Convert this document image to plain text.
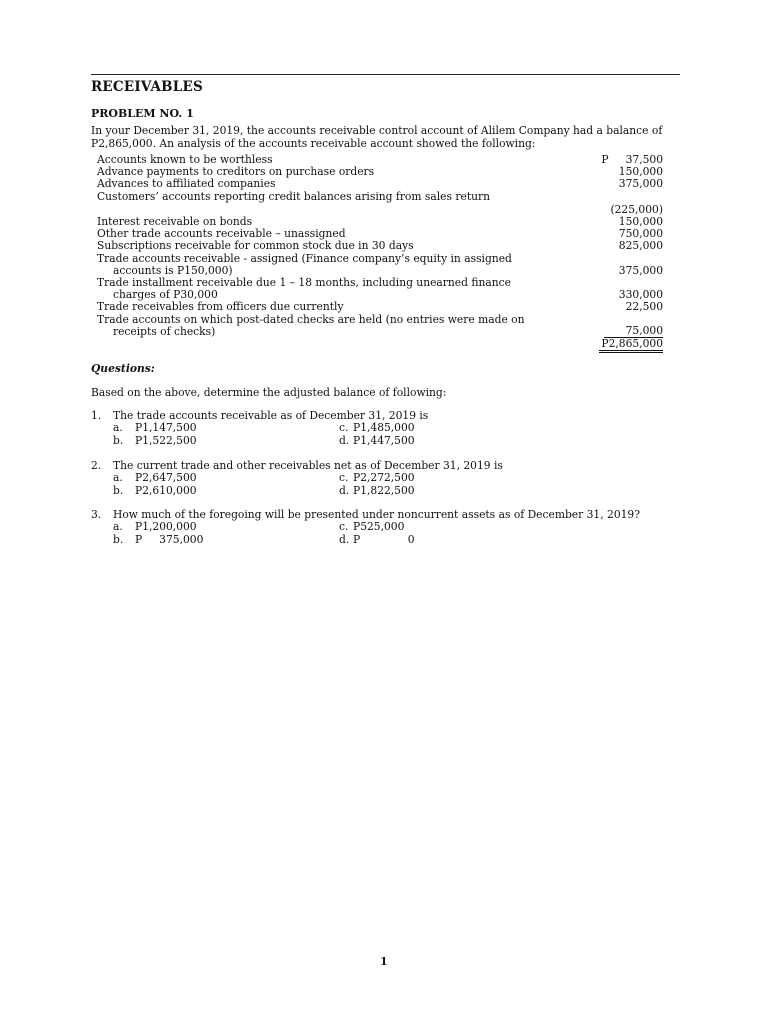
RECEIVABLES
PROBLEM NO. 1
In your December 31, 2019, the accounts receivable control account of Alilem Company had a balance of P2,865,000. An analysis of the accounts receivable account showed the following:
Accounts known to be worthless	P     37,500
Advance payments to creditors on purchase orders	150,000
Advances to affiliated companies	375,000
Customers’ accounts reporting credit balances arising from sales return
(225,000)
Interest receivable on bonds	150,000
Other trade accounts receivable – unassigned	750,000
Subscriptions receivable for common stock due in 30 days	825,000
Trade accounts receivable - assigned (Finance company’s equity in assigned
accounts is P150,000)	375,000
Trade installment receivable due 1 – 18 months, including unearned finance
charges of P30,000	330,000
Trade receivables from officers due currently	22,500
Trade accounts on which post-dated checks are held (no entries were made on
receipts of checks)	75,000
P2,865,000
Questions:
Based on the above, determine the adjusted balance of following:
1.	The trade accounts receivable as of December 31, 2019 is
a.	P1,147,500	c. P1,485,000
b.	P1,522,500	d. P1,447,500
2.	The current trade and other receivables net as of December 31, 2019 is
a.	P2,647,500	c. P2,272,500
b.	P2,610,000	d. P1,822,500
3.	How much of the foregoing will be presented under noncurrent assets as of December 31, 2019?
a.	P1,200,000	c. P525,000
b.	P     375,000	d. P              0
1
